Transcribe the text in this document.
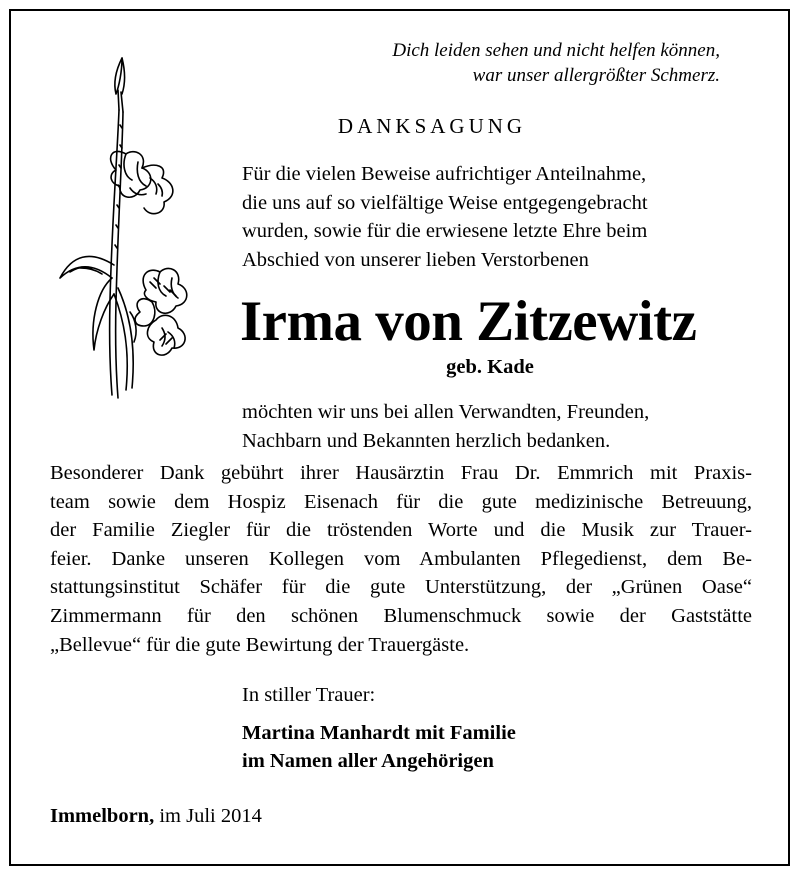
Dich leiden sehen und nicht helfen können,
war unser allergrößter Schmerz.
DANKSAGUNG
Für die vielen Beweise aufrichtiger Anteilnahme,
die uns auf so vielfältige Weise entgegengebracht
wurden, sowie für die erwiesene letzte Ehre beim
Abschied von unserer lieben Verstorbenen
Irma von Zitzewitz
geb. Kade
möchten wir uns bei allen Verwandten, Freunden,
Nachbarn und Bekannten herzlich bedanken.
Besonderer Dank gebührt ihrer Hausärztin Frau Dr. Emmrich mit Praxis-
team sowie dem Hospiz Eisenach für die gute medizinische Betreuung,
der Familie Ziegler für die tröstenden Worte und die Musik zur Trauer-
feier. Danke unseren Kollegen vom Ambulanten Pflegedienst, dem Be-
stattungsinstitut Schäfer für die gute Unterstützung, der „Grünen Oase“
Zimmermann für den schönen Blumenschmuck sowie der Gaststätte
„Bellevue“ für die gute Bewirtung der Trauergäste.
In stiller Trauer:
Martina Manhardt mit Familie
im Namen aller Angehörigen
Immelborn, im Juli 2014
